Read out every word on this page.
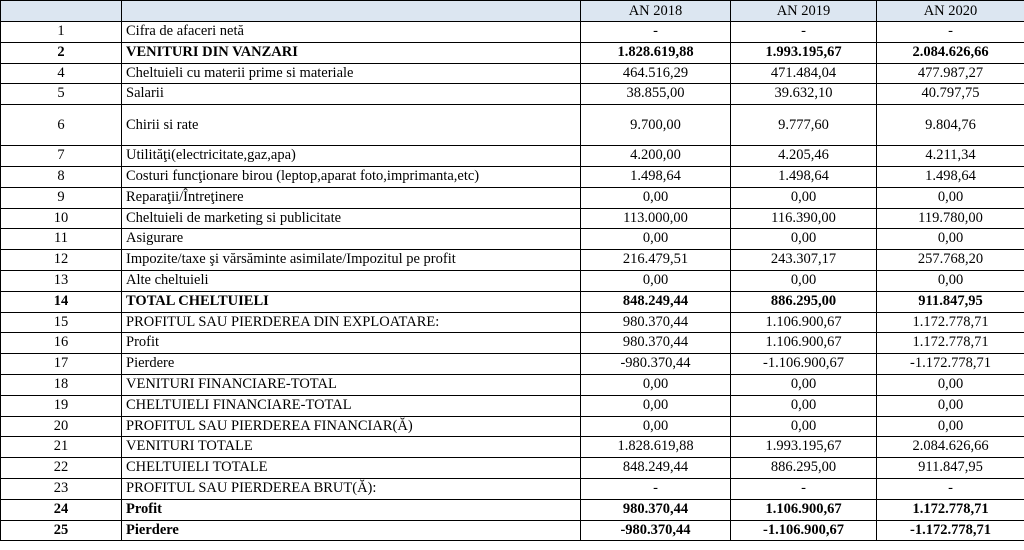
		AN 2018	AN 2019	AN 2020
1	Cifra de afaceri netă	-	-	-
2	VENITURI DIN VANZARI	1.828.619,88	1.993.195,67	2.084.626,66
4	Cheltuieli cu materii prime si materiale	464.516,29	471.484,04	477.987,27
5	Salarii	38.855,00	39.632,10	40.797,75
6	Chirii si rate	9.700,00	9.777,60	9.804,76
7	Utilităţi(electricitate,gaz,apa)	4.200,00	4.205,46	4.211,34
8	Costuri funcţionare birou (leptop,aparat foto,imprimanta,etc)	1.498,64	1.498,64	1.498,64
9	Reparaţii/Întreţinere	0,00	0,00	0,00
10	Cheltuieli de marketing si publicitate	113.000,00	116.390,00	119.780,00
11	Asigurare	0,00	0,00	0,00
12	Impozite/taxe şi vărsăminte asimilate/Impozitul pe profit	216.479,51	243.307,17	257.768,20
13	Alte cheltuieli	0,00	0,00	0,00
14	TOTAL CHELTUIELI	848.249,44	886.295,00	911.847,95
15	PROFITUL SAU PIERDEREA DIN EXPLOATARE:	980.370,44	1.106.900,67	1.172.778,71
16	Profit	980.370,44	1.106.900,67	1.172.778,71
17	Pierdere	-980.370,44	-1.106.900,67	-1.172.778,71
18	VENITURI FINANCIARE-TOTAL	0,00	0,00	0,00
19	CHELTUIELI FINANCIARE-TOTAL	0,00	0,00	0,00
20	PROFITUL SAU PIERDEREA FINANCIAR(Ă)	0,00	0,00	0,00
21	VENITURI TOTALE	1.828.619,88	1.993.195,67	2.084.626,66
22	CHELTUIELI TOTALE	848.249,44	886.295,00	911.847,95
23	PROFITUL SAU PIERDEREA BRUT(Ă):	-	-	-
24	Profit	980.370,44	1.106.900,67	1.172.778,71
25	Pierdere	-980.370,44	-1.106.900,67	-1.172.778,71
